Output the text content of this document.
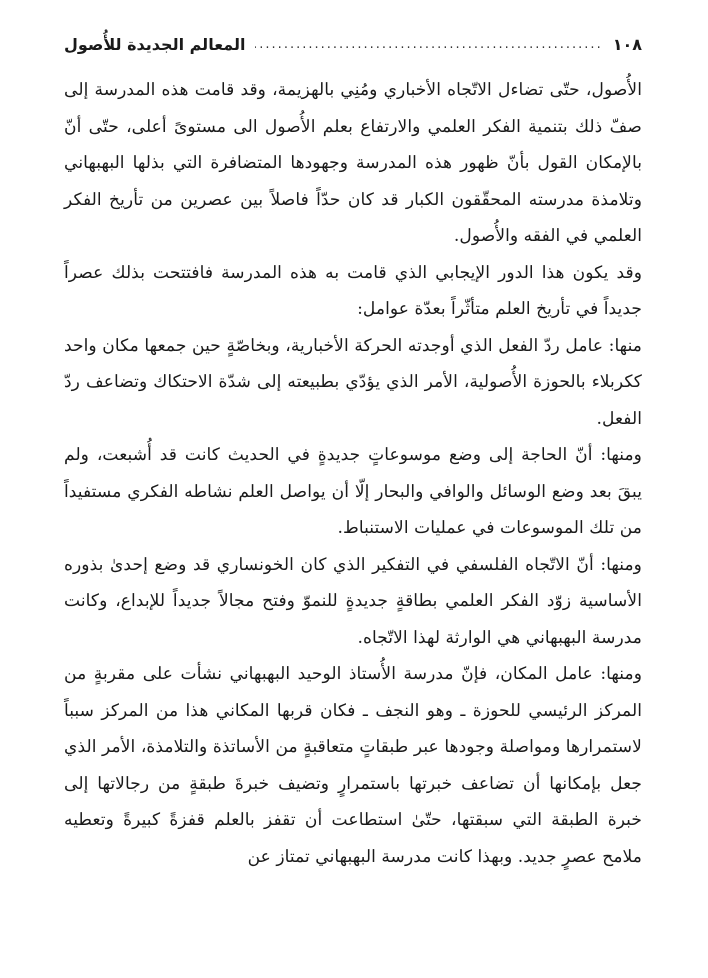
١٠٨
.....
المعالم الجديدة للأُصول

الأُصول، حتّى تضاءل الاتّجاه الأخباري ومُنِي بالهزيمة، وقد قامت هذه المدرسة إلى صفّ ذلك بتنمية الفكر العلمي والارتفاع بعلم الأُصول الى مستوىً أعلى، حتّى أنّ بالإمكان القول بأنّ ظهور هذه المدرسة وجهودها المتضافرة التي بذلها البهبهاني وتلامذة مدرسته المحقّقون الكبار قد كان حدّاً فاصلاً بين عصرين من تأريخ الفكر العلمي في الفقه والأُصول.

وقد يكون هذا الدور الإيجابي الذي قامت به هذه المدرسة فافتتحت بذلك عصراً جديداً في تأريخ العلم متأثّراً بعدّة عوامل:

منها: عامل ردّ الفعل الذي أوجدته الحركة الأخبارية، وبخاصّةٍ حين جمعها مكان واحد ككربلاء بالحوزة الأُصولية، الأمر الذي يؤدّي بطبيعته إلى شدّة الاحتكاك وتضاعف ردّ الفعل.

ومنها: أنّ الحاجة إلى وضع موسوعاتٍ جديدةٍ في الحديث كانت قد أُشبعت، ولم يبقَ بعد وضع الوسائل والوافي والبحار إلّا أن يواصل العلم نشاطه الفكري مستفيداً من تلك الموسوعات في عمليات الاستنباط.

ومنها: أنّ الاتّجاه الفلسفي في التفكير الذي كان الخونساري قد وضع إحدىٰ بذوره الأساسية زوّد الفكر العلمي بطاقةٍ جديدةٍ للنموّ وفتح مجالاً جديداً للإبداع، وكانت مدرسة البهبهاني هي الوارثة لهذا الاتّجاه.

ومنها: عامل المكان، فإنّ مدرسة الأُستاذ الوحيد البهبهاني نشأت على مقربةٍ من المركز الرئيسي للحوزة ـ وهو النجف ـ فكان قربها المكاني هذا من المركز سبباً لاستمرارها ومواصلة وجودها عبر طبقاتٍ متعاقبةٍ من الأساتذة والتلامذة، الأمر الذي جعل بإمكانها أن تضاعف خبرتها باستمرارٍ وتضيف خبرةَ طبقةٍ من رجالاتها إلى خبرة الطبقة التي سبقتها، حتّىٰ استطاعت أن تقفز بالعلم قفزةً كبيرةً وتعطيه ملامح عصرٍ جديد. وبهذا كانت مدرسة البهبهاني تمتاز عن
